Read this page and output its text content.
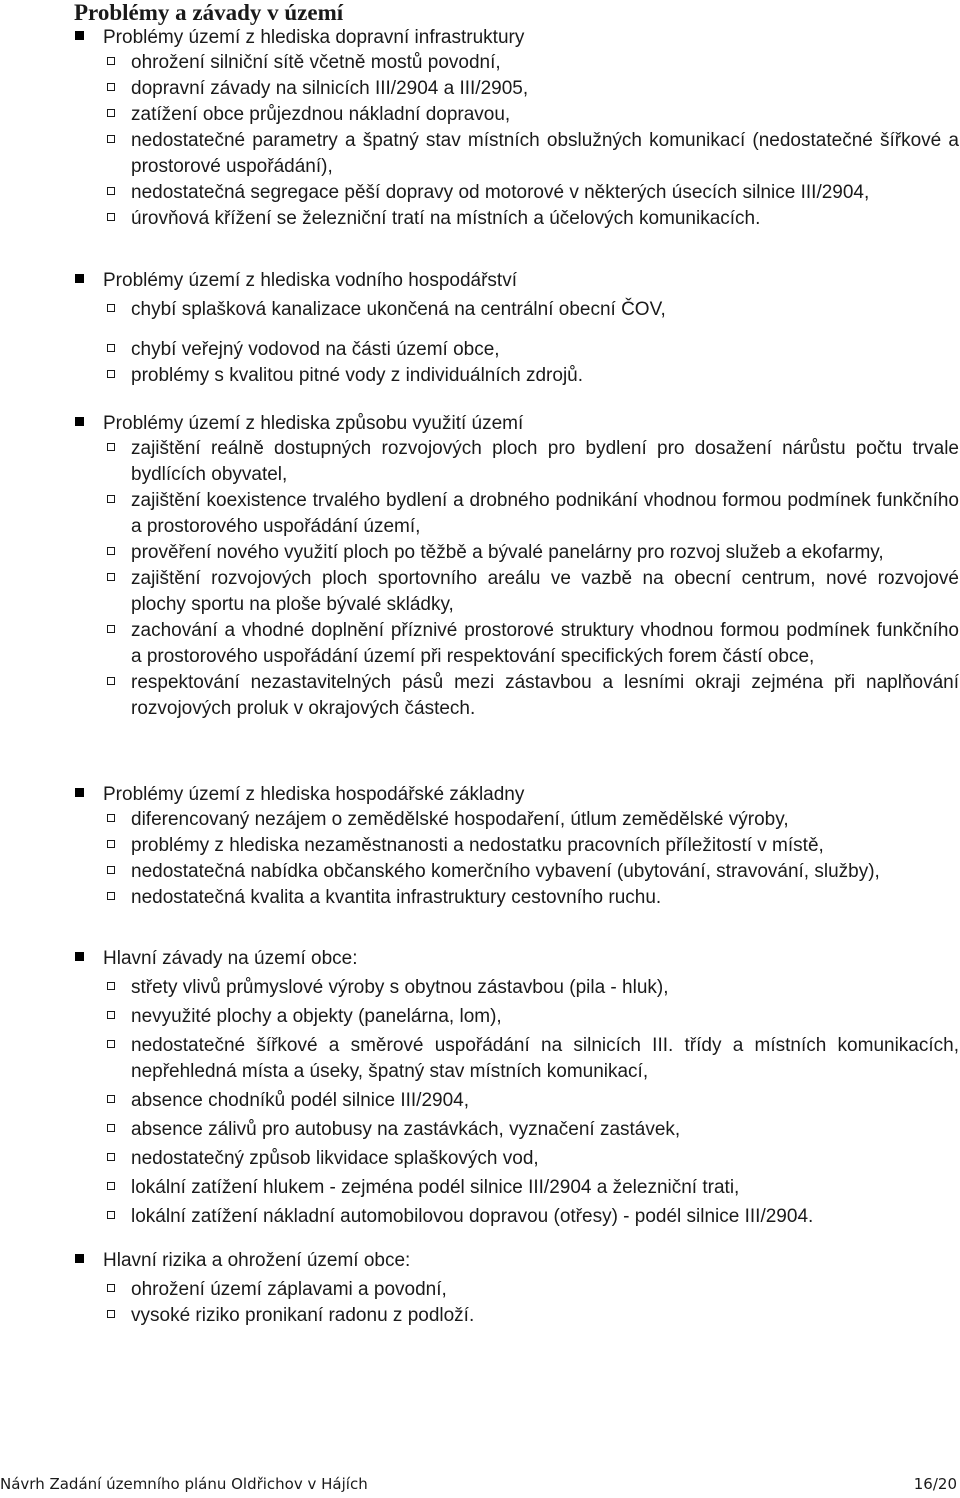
Problémy a závady v území
Problémy území z hlediska dopravní infrastruktury
ohrožení silniční sítě včetně mostů povodní,
dopravní závady na silnicích III/2904 a III/2905,
zatížení obce průjezdnou nákladní dopravou,
nedostatečné parametry a špatný stav místních obslužných komunikací (nedostatečné šířkové a prostorové uspořádání),
nedostatečná segregace pěší dopravy od motorové v některých úsecích silnice III/2904,
úrovňová křížení se železniční tratí na místních a účelových komunikacích.
Problémy území z hlediska vodního hospodářství
chybí splašková kanalizace ukončená na centrální obecní ČOV,
chybí veřejný vodovod na části území obce,
problémy s kvalitou pitné vody z individuálních zdrojů.
Problémy území z hlediska způsobu využití území
zajištění reálně dostupných rozvojových ploch pro bydlení pro dosažení nárůstu počtu trvale bydlících obyvatel,
zajištění koexistence trvalého bydlení a drobného podnikání vhodnou formou podmínek funkčního a prostorového uspořádání území,
prověření nového využití ploch po těžbě a bývalé panelárny pro rozvoj služeb a ekofarmy,
zajištění rozvojových ploch sportovního areálu ve vazbě na obecní centrum, nové rozvojové plochy sportu na ploše bývalé skládky,
zachování a vhodné doplnění příznivé prostorové struktury vhodnou formou podmínek funkčního a prostorového uspořádání území při respektování specifických forem částí obce,
respektování nezastavitelných pásů mezi zástavbou a lesními okraji zejména při naplňování rozvojových proluk v okrajových částech.
Problémy území z hlediska hospodářské základny
diferencovaný nezájem o zemědělské hospodaření, útlum zemědělské výroby,
problémy z hlediska nezaměstnanosti a nedostatku pracovních příležitostí v místě,
nedostatečná nabídka občanského komerčního vybavení (ubytování, stravování, služby),
nedostatečná kvalita a kvantita infrastruktury cestovního ruchu.
Hlavní závady na území obce:
střety vlivů průmyslové výroby s obytnou zástavbou (pila - hluk),
nevyužité plochy a objekty (panelárna, lom),
nedostatečné šířkové a směrové uspořádání na silnicích III. třídy a místních komunikacích, nepřehledná místa a úseky, špatný stav místních komunikací,
absence chodníků podél silnice III/2904,
absence zálivů pro autobusy na zastávkách, vyznačení zastávek,
nedostatečný způsob likvidace splaškových vod,
lokální zatížení hlukem - zejména podél silnice III/2904 a železniční trati,
lokální zatížení nákladní automobilovou dopravou (otřesy) - podél silnice III/2904.
Hlavní rizika a ohrožení území obce:
ohrožení území záplavami a povodní,
vysoké riziko pronikaní radonu z podloží.
Návrh Zadání územního plánu Oldřichov v Hájích	16/20
